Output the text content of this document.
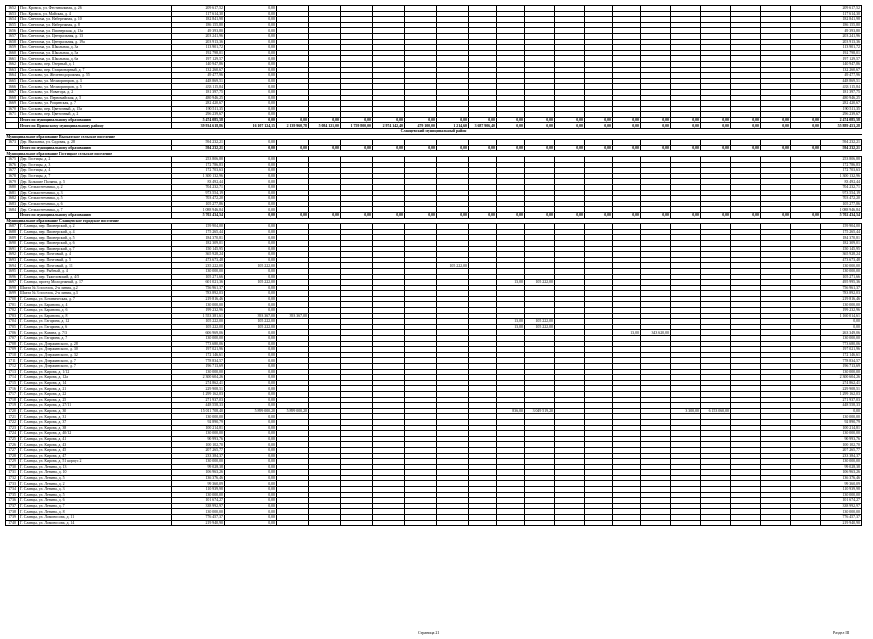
1652	Пос. Кромск, ул. Фестивальная, д. 26	209 617,52	0,00																			209 617,52
1653	Пос. Кромск, ул. Майская, д. 4	117 614,30	0,00																			117 614,30
1654	Пос. Светлома, ул. Набережная, д. 10	182 841,98	0,00																			182 841,98
1655	Пос. Светлома, ул. Набережная, д. 8	186 155,80	0,00																			186 155,80
1656	Пос. Светлома, ул. Пионерская, д. 13а	49 393,80	0,00																			49 393,80
1657	Пос. Светлома, ул. Центральная, д. 13	203 241,96	0,00																			203 241,96
1658	Пос. Светлома, ул. Центральная, д. 19а	203 913,36	0,00																			203 913,36
1659	Пос. Светлома, ул. Школьная, д. 3а	113 901,72	0,00																			113 901,72
1660	Пос. Светлома, ул. Школьная, д. 5а	192 798,01	0,00																			192 798,01
1661	Пос. Светлома, ул. Школьная, д. 6а	197 129,57	0,00																			197 129,57
1662	Пос. Сосково, пер. Озерный, д. 1	140 947,86	0,00																			140 947,86
1663	Пос. Сосково, пер. Стационарный, д. 7	132 260,67	0,00																			132 260,67
1664	Пос. Сосково, ул. Железнодорожная, д. 55	49 477,96	0,00																			49 477,96
1665	Пос. Сосково, ул. Мелиораторов, д. 3	448 869,51	0,00																			448 869,51
1666	Пос. Сосково, ул. Мелиораторов, д. 5	433 115,84	0,00																			433 115,84
1667	Пос. Сосково, ул. Новатора, д. 2	181 397,75	0,00																			181 397,75
1668	Пос. Сосково, ул. Первомайская, д. 5	480 946,25	0,00																			480 946,25
1669	Пос. Сосково, ул. Рощинская, д. 7	282 420,67	0,00																			282 420,67
1670	Пос. Сосково, пер. Цветочный, д. 15а	190 511,35	0,00																			190 511,35
1671	Пос. Сосково, пер. Цветочный, д. 2	296 239,67	0,00																			296 239,67
	Итого по муниципальному образованию	5 474 085,58	0,00	0,00	0,00	0,00	0,00	0,00	0,00	0,00	0,00	0,00	0,00	0,00	0,00	0,00	0,00	0,00	0,00	0,00	0,00	2 474 085,58
	Итого по Приокскому муниципальному району	39 934 618,86	16 107 124,15	2 139 960,78	5 084 121,00	1 759 800,00	2 974 142,40	479 100,00	1 214,60	3 687 906,40	0,00	0,00	0,00	0,00	0,00	0,00	0,00	0,00	0,00	0,00	0,00	55 889 453,28
Сланцевский муниципальный район																						
Муниципальное образование Выскатское сельское поселение																						
1673	Дер. Выскатка, ул. Садовая, д. 28	594 232,21	0,00																			594 232,21
	Итого по муниципальному образованию	594 232,21	0,00	0,00	0,00	0,00	0,00	0,00	0,00	0,00	0,00	0,00	0,00	0,00	0,00	0,00	0,00	0,00	0,00	0,00	0,00	594 232,21
Муниципальное образование Гостицкое сельское поселение																						
1675	Дер. Гостицы, д. 2	253 806,88	0,00																			253 806,88
1676	Дер. Гостицы, д. 3	172 786,83	0,00																			172 786,83
1677	Дер. Гостицы, д. 4	172 703,63	0,00																			172 703,63
1678	Дер. Гостицы, д. 7	1 300 132,96	0,00																			1 300 132,96
1679	Дер. Большие Поляны, д. 5	83 492,44	0,00																			83 492,44
1680	Дер. Сельхозтехника, д. 2	704 232,71	0,00																			704 232,71
1681	Дер. Сельхозтехника, д. 3	973 554,19	0,00																			973 554,19
1682	Дер. Сельхозтехника, д. 5	703 472,20	0,00																			703 472,20
1683	Дер. Сельхозтехника, д. 6	105 277,86	0,00																			105 277,86
1684	Дер. Сельхозтехника, д. 7	1 088 946,84	0,00																			1 088 946,84
	Итого по муниципальному образованию	5 702 434,54	0,00	0,00	0,00	0,00	0,00	0,00	0,00	0,00	0,00	0,00	0,00	0,00	0,00	0,00	0,00	0,00	0,00	0,00	0,00	5 702 434,54
Муниципальное образование Сланцевское городское поселение																						
1687	Г. Сланцы, пер. Пионерский, д. 2	159 904,00	0,00																			159 904,00
1688	Г. Сланцы, пер. Пионерский, д. 4	175 265,44	0,00																			175 265,44
1689	Г. Сланцы, пер. Пионерский, д. 5	184 370,81	0,00																			184 370,81
1690	Г. Сланцы, пер. Пионерский, д. 6	182 309,01	0,00																			182 309,01
1691	Г. Сланцы, пер. Пионерский, д. 7	150 145,95	0,00																			150 145,95
1692	Г. Сланцы, пер. Почтовый, д. 4	365 928,24	0,00																			365 928,24
1693	Г. Сланцы, пер. Почтовый, д. 5	473 673,48	0,00																			473 673,48
1694	Г. Сланцы, пер. Почтовый, д. 11	235 222,00	105 222,00						105 222,00													130 000,00
1695	Г. Сланцы, пер. Рыбный, д. 4	130 000,00	0,00																			130 000,00
1696	Г. Сланцы, пер. Тяжеловский, д. 4/5	105 271,66	0,00																			105 271,66
1697	Г. Сланцы, проезд Молодежный, д. 17	601 021,36	105 222,00								13,00	105 222,00										495 995,36
1698	Шахта № 3 поселок, 2-я линия, д.2	756 961,37	0,00																			756 961,37
1699	Шахта № 3 поселок, 2-я линия, д.3	783 892,03	0,00																			783 892,03
1700	Г. Сланцы, ул. Ботаническая, д. 7	219 816,46	0,00																			219 816,46
1701	Г. Сланцы, ул. Баранова, д. 4	130 000,00	0,00																			130 000,00
1702	Г. Сланцы, ул. Баранова, д. 6	199 232,96	0,00																			199 232,96
1703	Г. Сланцы, ул. Баранова, д. 8	1 553 381,61	393 367,00	393 367,00																		1 160 014,61
1704	Г. Сланцы, ул. Гагарина, д. 12	105 222,00	105 222,00								13,00	105 222,00										0,00
1705	Г. Сланцы, ул. Гагарина, д. 6	105 222,00	105 222,00								13,00	105 222,00										0,00
1706	Г. Сланцы, ул. Казина, д. 7/3	606 969,06	0,00												13,00	343 620,00						263 349,06
1707	Г. Сланцы, ул. Гагарина, д. 7	130 000,00	0,00																			130 000,00
1708	Г. Сланцы, ул. Дзержинского, д. 28	773 680,06	0,00																			773 680,06
1709	Г. Сланцы, ул. Дзержинского, д. 30	197 021,96	0,00																			197 021,96
1710	Г. Сланцы, ул. Дзержинского, д. 32	172 146,61	0,00																			172 146,61
1711	Г. Сланцы, ул. Дзержинского, д. 7	778 834,57	0,00																			778 834,57
1712	Г. Сланцы, ул. Дзержинского, д. 7	196 713,69	0,00																			196 713,69
1713	Г. Сланцы, ул. Кирова, д. 1/12	130 000,00	0,00																			130 000,00
1714	Г. Сланцы, ул. Кирова, д. 12а	2 300 604,26	0,00																			2 300 604,26
1715	Г. Сланцы, ул. Кирова, д. 14	274 862,41	0,00																			274 862,41
1716	Г. Сланцы, ул. Кирова, д. 21	229 908,51	0,00																			229 908,51
1717	Г. Сланцы, ул. Кирова, д. 22	1 299 162,03	0,00																			1 299 162,03
1718	Г. Сланцы, ул. Кирова, д. 25	271 937,03	0,00																			271 937,03
1719	Г. Сланцы, ул. Кирова, д. 27/11	448 558,33	0,00																			448 558,33
1720	Г. Сланцы, ул. Кирова, д. 30	15 011 708,40	5 899 000,20	5 899 000,20							836,00	3 049 519,20					3 300,00	6 153 060,00				0,00
1721	Г. Сланцы, ул. Кирова, д. 31	130 000,00	0,00																			130 000,00
1722	Г. Сланцы, ул. Кирова, д. 37	92 890,79	0,00																			92 890,79
1723	Г. Сланцы, ул. Кирова, д. 38	100 214,81	0,00																			100 214,81
1724	Г. Сланцы, ул. Кирова, д. 40/12	130 000,00	0,00																			130 000,00
1725	Г. Сланцы, ул. Кирова, д. 41	90 993,76	0,00																			90 993,76
1726	Г. Сланцы, ул. Кирова, д. 43	100 102,70	0,00																			100 102,70
1727	Г. Сланцы, ул. Кирова, д. 45	207 265,77	0,00																			207 265,77
1728	Г. Сланцы, ул. Кирова, д. 47	233 384,37	0,00																			233 384,37
1729	Г. Сланцы, ул. Кирова, д. 51 корпус 2	130 000,00	0,00																			130 000,00
1730	Г. Сланцы, ул. Ленина, д. 13	99 028,38	0,00																			99 028,38
1731	Г. Сланцы, ул. Ленина, д. 10	106 963,26	0,00																			106 963,26
1732	Г. Сланцы, ул. Ленина, д. 5	136 376,46	0,00																			136 376,46
1733	Г. Сланцы, ул. Ленина, д. 2	99 360,09	0,00																			99 360,09
1734	Г. Сланцы, ул. Ленина, д. 3	110 939,98	0,00																			110 939,98
1735	Г. Сланцы, ул. Ленина, д. 5	130 000,00	0,00																			130 000,00
1736	Г. Сланцы, ул. Ленина, д. 6	101 674,27	0,00																			101 674,27
1737	Г. Сланцы, ул. Ленина, д. 7	338 992,97	0,00																			338 992,97
1738	Г. Сланцы, ул. Ленина, д. 8	130 000,00	0,00																			130 000,00
1739	Г. Сланцы, ул. Ломоносова, д. 11	776 457,37	0,00																			776 457,37
1740	Г. Сланцы, ул. Ломоносова, д. 14	219 940,90	0,00																			219 940,90
Страница 21	Раздел III
